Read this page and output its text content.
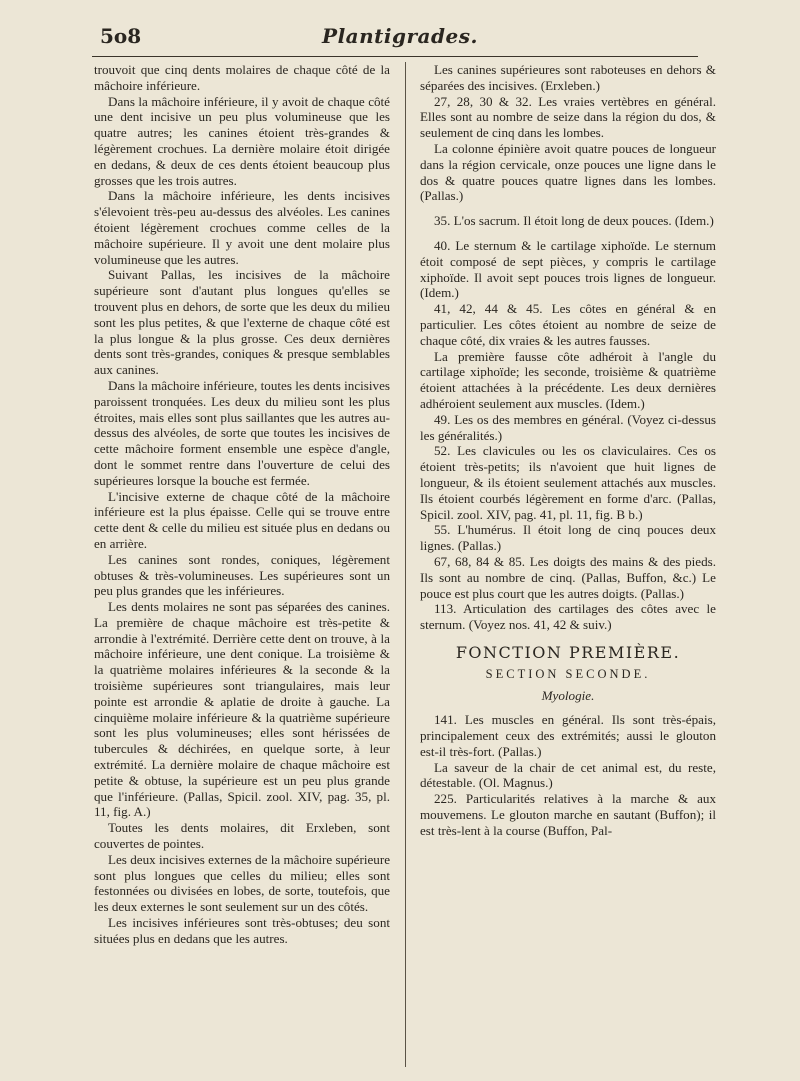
5o8	Plantigrades.

trouvoit que cinq dents molaires de chaque côté de la mâchoire inférieure.

Dans la mâchoire inférieure, il y avoit de chaque côté une dent incisive un peu plus volumineuse que les quatre autres; les canines étoient très-grandes & légèrement crochues. La dernière molaire étoit dirigée en dedans, & deux de ces dents étoient beaucoup plus grosses que les trois autres.

Dans la mâchoire inférieure, les dents incisives s'élevoient très-peu au-dessus des alvéoles. Les canines étoient légèrement crochues comme celles de la mâchoire supérieure. Il y avoit une dent molaire plus volumineuse que les autres.

Suivant Pallas, les incisives de la mâchoire supérieure sont d'autant plus longues qu'elles se trouvent plus en dehors, de sorte que les deux du milieu sont les plus petites, & que l'externe de chaque côté est la plus longue & la plus grosse. Ces deux dernières dents sont très-grandes, coniques & presque semblables aux canines.

Dans la mâchoire inférieure, toutes les dents incisives paroissent tronquées. Les deux du milieu sont les plus étroites, mais elles sont plus saillantes que les autres au-dessus des alvéoles, de sorte que toutes les incisives de cette mâchoire forment ensemble une espèce d'angle, dont le sommet rentre dans l'ouverture de celui des supérieures lorsque la bouche est fermée.

L'incisive externe de chaque côté de la mâchoire inférieure est la plus épaisse. Celle qui se trouve entre cette dent & celle du milieu est située plus en dedans ou en arrière.

Les canines sont rondes, coniques, légèrement obtuses & très-volumineuses. Les supérieures sont un peu plus grandes que les inférieures.

Les dents molaires ne sont pas séparées des canines. La première de chaque mâchoire est très-petite & arrondie à l'extrémité. Derrière cette dent on trouve, à la mâchoire inférieure, une dent conique. La troisième & la quatrième molaires inférieures & la seconde & la troisième supérieures sont triangulaires, mais leur pointe est arrondie & aplatie de droite à gauche. La cinquième molaire inférieure & la quatrième supérieure sont les plus volumineuses; elles sont hérissées de tubercules & déchirées, en quelque sorte, à leur extrémité. La dernière molaire de chaque mâchoire est petite & obtuse, la supérieure est un peu plus grande que l'inférieure. (Pallas, Spicil. zool. XIV, pag. 35, pl. 11, fig. A.)

Toutes les dents molaires, dit Erxleben, sont couvertes de pointes.

Les deux incisives externes de la mâchoire supérieure sont plus longues que celles du milieu; elles sont festonnées ou divisées en lobes, de sorte, toutefois, que les deux externes le sont seulement sur un des côtés.

Les incisives inférieures sont très-obtuses; deu sont situées plus en dedans que les autres.

Les canines supérieures sont raboteuses en dehors & séparées des incisives. (Erxleben.)

27, 28, 30 & 32. Les vraies vertèbres en général. Elles sont au nombre de seize dans la région du dos, & seulement de cinq dans les lombes.

La colonne épinière avoit quatre pouces de longueur dans la région cervicale, onze pouces une ligne dans le dos & quatre pouces quatre lignes dans les lombes. (Pallas.)

35. L'os sacrum. Il étoit long de deux pouces. (Idem.)

40. Le sternum & le cartilage xiphoïde. Le sternum étoit composé de sept pièces, y compris le cartilage xiphoïde. Il avoit sept pouces trois lignes de longueur. (Idem.)

41, 42, 44 & 45. Les côtes en général & en particulier. Les côtes étoient au nombre de seize de chaque côté, dix vraies & les autres fausses.

La première fausse côte adhéroit à l'angle du cartilage xiphoïde; les seconde, troisième & quatrième étoient attachées à la précédente. Les deux dernières adhéroient seulement aux muscles. (Idem.)

49. Les os des membres en général. (Voyez ci-dessus les généralités.)

52. Les clavicules ou les os claviculaires. Ces os étoient très-petits; ils n'avoient que huit lignes de longueur, & ils étoient seulement attachés aux muscles. Ils étoient courbés légèrement en forme d'arc. (Pallas, Spicil. zool. XIV, pag. 41, pl. 11, fig. B b.)

55. L'humérus. Il étoit long de cinq pouces deux lignes. (Pallas.)

67, 68, 84 & 85. Les doigts des mains & des pieds. Ils sont au nombre de cinq. (Pallas, Buffon, &c.) Le pouce est plus court que les autres doigts. (Pallas.)

113. Articulation des cartilages des côtes avec le sternum. (Voyez nos. 41, 42 & suiv.)

FONCTION PREMIÈRE.
SECTION SECONDE.
Myologie.

141. Les muscles en général. Ils sont très-épais, principalement ceux des extrémités; aussi le glouton est-il très-fort. (Pallas.)

La saveur de la chair de cet animal est, du reste, détestable. (Ol. Magnus.)

225. Particularités relatives à la marche & aux mouvemens. Le glouton marche en sautant (Buffon); il est très-lent à la course (Buffon, Pal-
